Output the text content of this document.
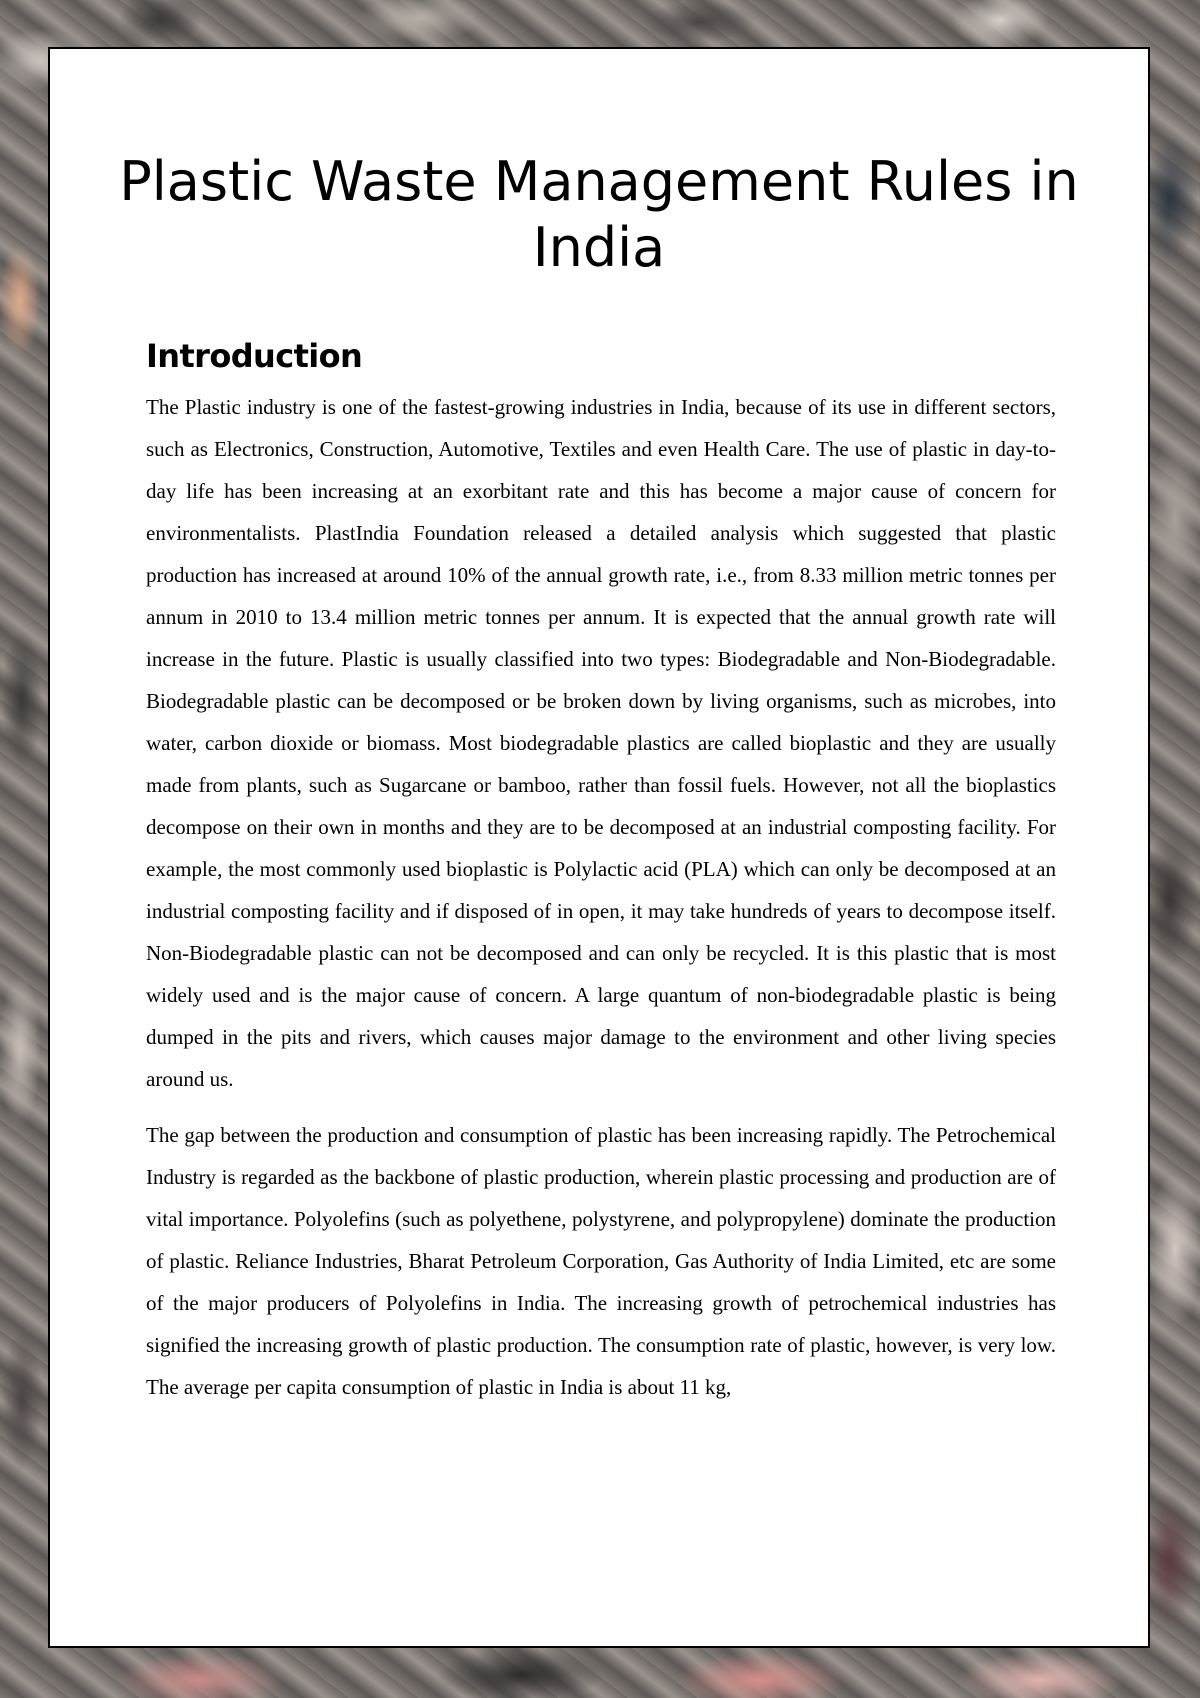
Plastic Waste Management Rules in India
Introduction

The Plastic industry is one of the fastest-growing industries in India, because of its use in different sectors, such as Electronics, Construction, Automotive, Textiles and even Health Care. The use of plastic in day-to-day life has been increasing at an exorbitant rate and this has become a major cause of concern for environmentalists. PlastIndia Foundation released a detailed analysis which suggested that plastic production has increased at around 10% of the annual growth rate, i.e., from 8.33 million metric tonnes per annum in 2010 to 13.4 million metric tonnes per annum. It is expected that the annual growth rate will increase in the future. Plastic is usually classified into two types: Biodegradable and Non-Biodegradable. Biodegradable plastic can be decomposed or be broken down by living organisms, such as microbes, into water, carbon dioxide or biomass. Most biodegradable plastics are called bioplastic and they are usually made from plants, such as Sugarcane or bamboo, rather than fossil fuels. However, not all the bioplastics decompose on their own in months and they are to be decomposed at an industrial composting facility. For example, the most commonly used bioplastic is Polylactic acid (PLA) which can only be decomposed at an industrial composting facility and if disposed of in open, it may take hundreds of years to decompose itself. Non-Biodegradable plastic can not be decomposed and can only be recycled. It is this plastic that is most widely used and is the major cause of concern. A large quantum of non-biodegradable plastic is being dumped in the pits and rivers, which causes major damage to the environment and other living species around us.

The gap between the production and consumption of plastic has been increasing rapidly. The Petrochemical Industry is regarded as the backbone of plastic production, wherein plastic processing and production are of vital importance. Polyolefins (such as polyethene, polystyrene, and polypropylene) dominate the production of plastic. Reliance Industries, Bharat Petroleum Corporation, Gas Authority of India Limited, etc are some of the major producers of Polyolefins in India. The increasing growth of petrochemical industries has signified the increasing growth of plastic production. The consumption rate of plastic, however, is very low. The average per capita consumption of plastic in India is about 11 kg,
